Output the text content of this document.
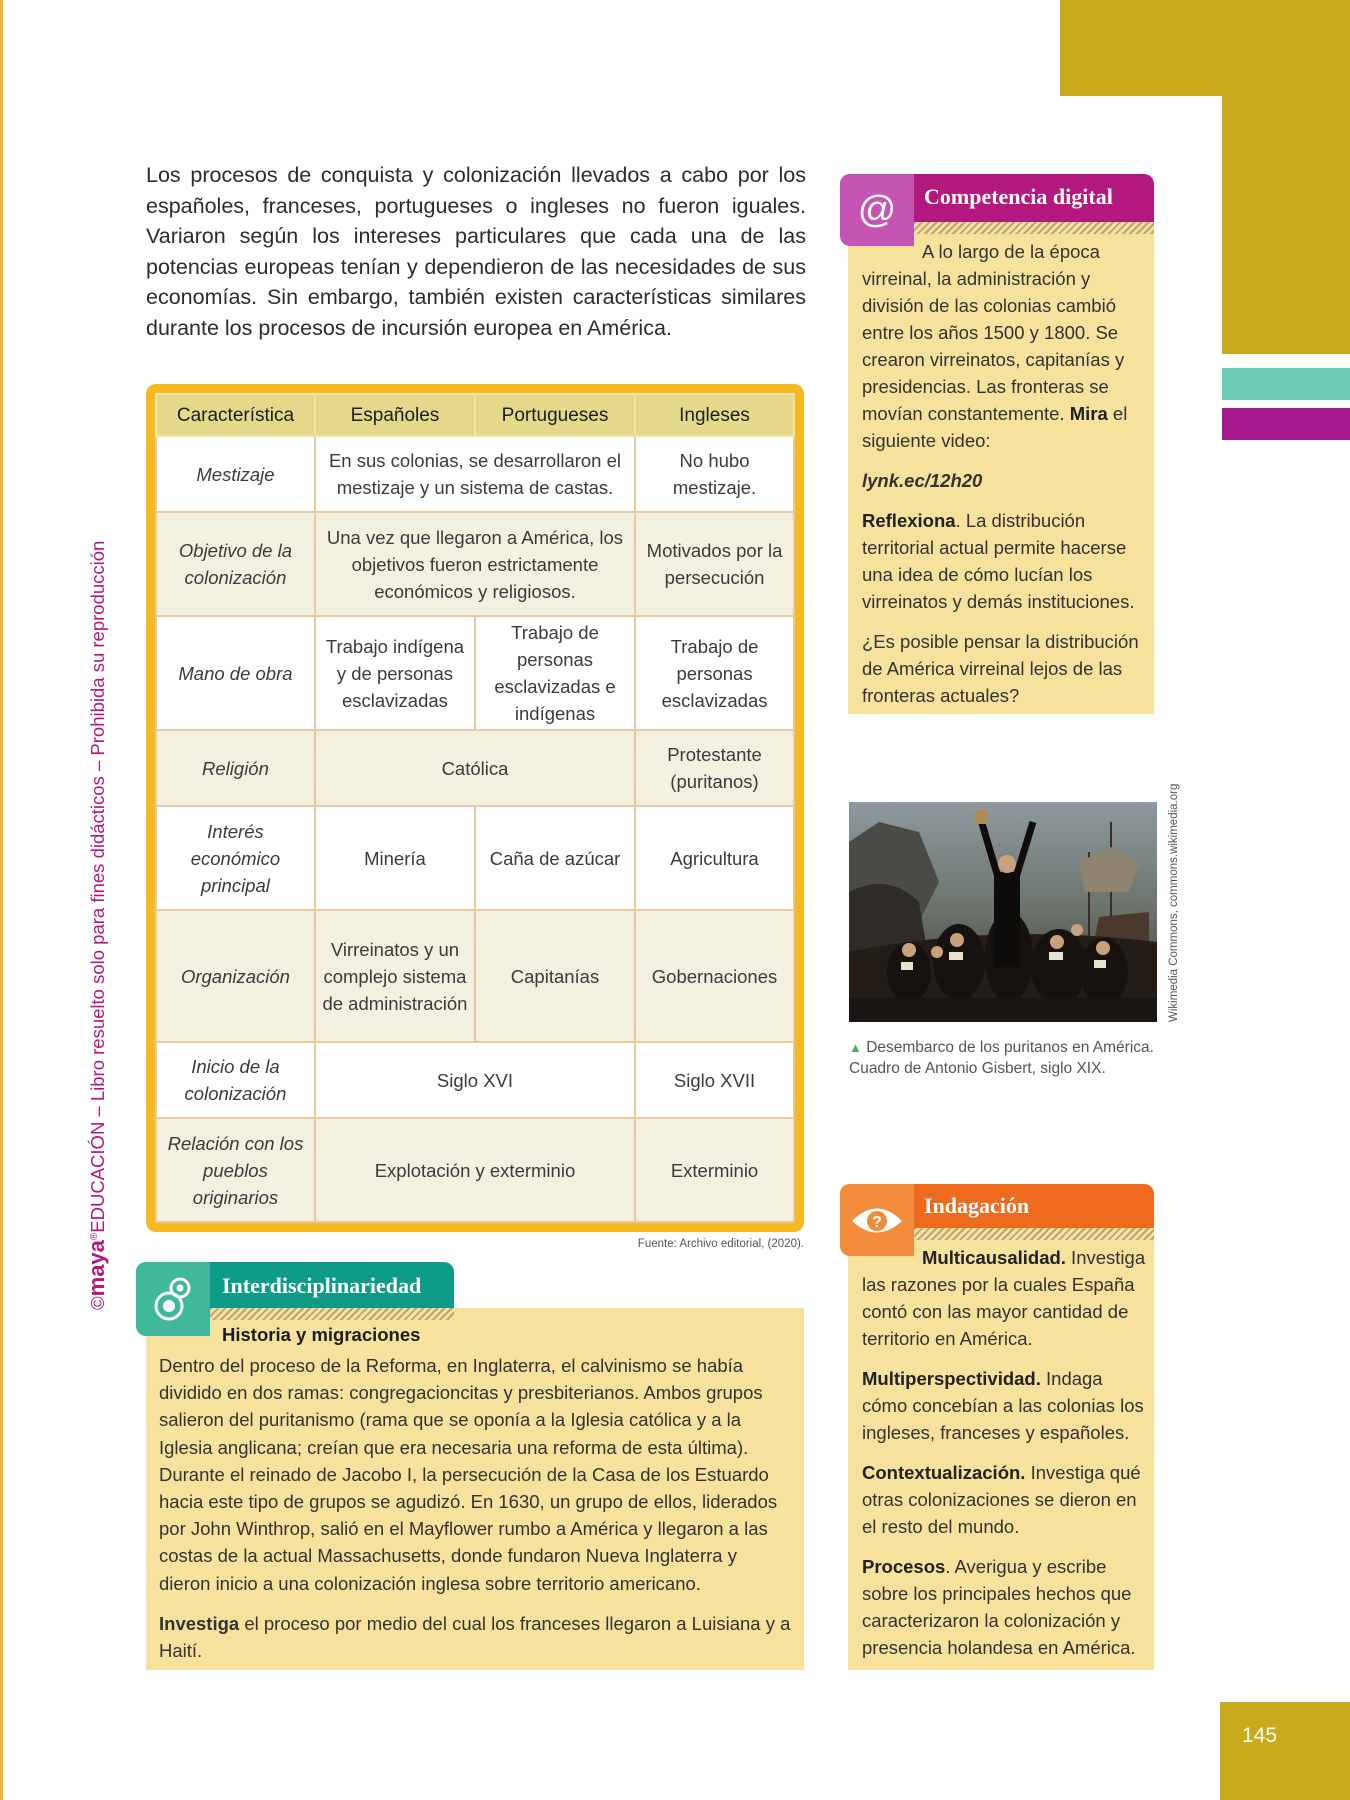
145
©maya®EDUCACIÓN – Libro resuelto solo para fines didácticos – Prohibida su reproducción

Los procesos de conquista y colonización llevados a cabo por los españoles, franceses, portugueses o ingleses no fueron iguales. Variaron según los intereses particulares que cada una de las potencias europeas tenían y dependieron de las necesidades de sus economías. Sin embargo, también existen características similares durante los procesos de incursión europea en América.

Característica	Españoles	Portugueses	Ingleses
Mestizaje	En sus colonias, se desarrollaron el mestizaje y un sistema de castas.		No hubo mestizaje.
Objetivo de la colonización	Una vez que llegaron a América, los objetivos fueron estrictamente económicos y religiosos.		Motivados por la persecución
Mano de obra	Trabajo indígena y de personas esclavizadas	Trabajo de personas esclavizadas e indígenas	Trabajo de personas esclavizadas
Religión	Católica		Protestante (puritanos)
Interés económico principal	Minería	Caña de azúcar	Agricultura
Organización	Virreinatos y un complejo sistema de administración	Capitanías	Gobernaciones
Inicio de la colonización	Siglo XVI		Siglo XVII
Relación con los pueblos originarios	Explotación y exterminio		Exterminio
Fuente: Archivo editorial, (2020).
@	Competencia digital

A lo largo de la época virreinal, la administración y división de las colonias cambió entre los años 1500 y 1800. Se crearon virreinatos, capitanías y presidencias. Las fronteras se movían constantemente. Mira el siguiente video:

lynk.ec/12h20

Reflexiona. La distribución territorial actual permite hacerse una idea de cómo lucían los virreinatos y demás instituciones.

¿Es posible pensar la distribución de América virreinal lejos de las fronteras actuales?

Wikimedia Commons, commons.wikimedia.org
▲ Desembarco de los puritanos en América. Cuadro de Antonio Gisbert, siglo XIX.
?
Indagación

Multicausalidad. Investiga las razones por la cuales España contó con las mayor cantidad de territorio en América.

Multiperspectividad. Indaga cómo concebían a las colonias los ingleses, franceses y españoles.

Contextualización. Investiga qué otras colonizaciones se dieron en el resto del mundo.

Procesos. Averigua y escribe sobre los principales hechos que caracterizaron la colonización y presencia holandesa en América.

Interdisciplinariedad
Historia y migraciones

Dentro del proceso de la Reforma, en Inglaterra, el calvinismo se había dividido en dos ramas: congregacioncitas y presbiterianos. Ambos grupos salieron del puritanismo (rama que se oponía a la Iglesia católica y a la Iglesia anglicana; creían que era necesaria una reforma de esta última). Durante el reinado de Jacobo I, la persecución de la Casa de los Estuardo hacia este tipo de grupos se agudizó. En 1630, un grupo de ellos, liderados por John Winthrop, salió en el Mayflower rumbo a América y llegaron a las costas de la actual Massachusetts, donde fundaron Nueva Inglaterra y dieron inicio a una colonización inglesa sobre territorio americano.

Investiga el proceso por medio del cual los franceses llegaron a Luisiana y a Haití.
